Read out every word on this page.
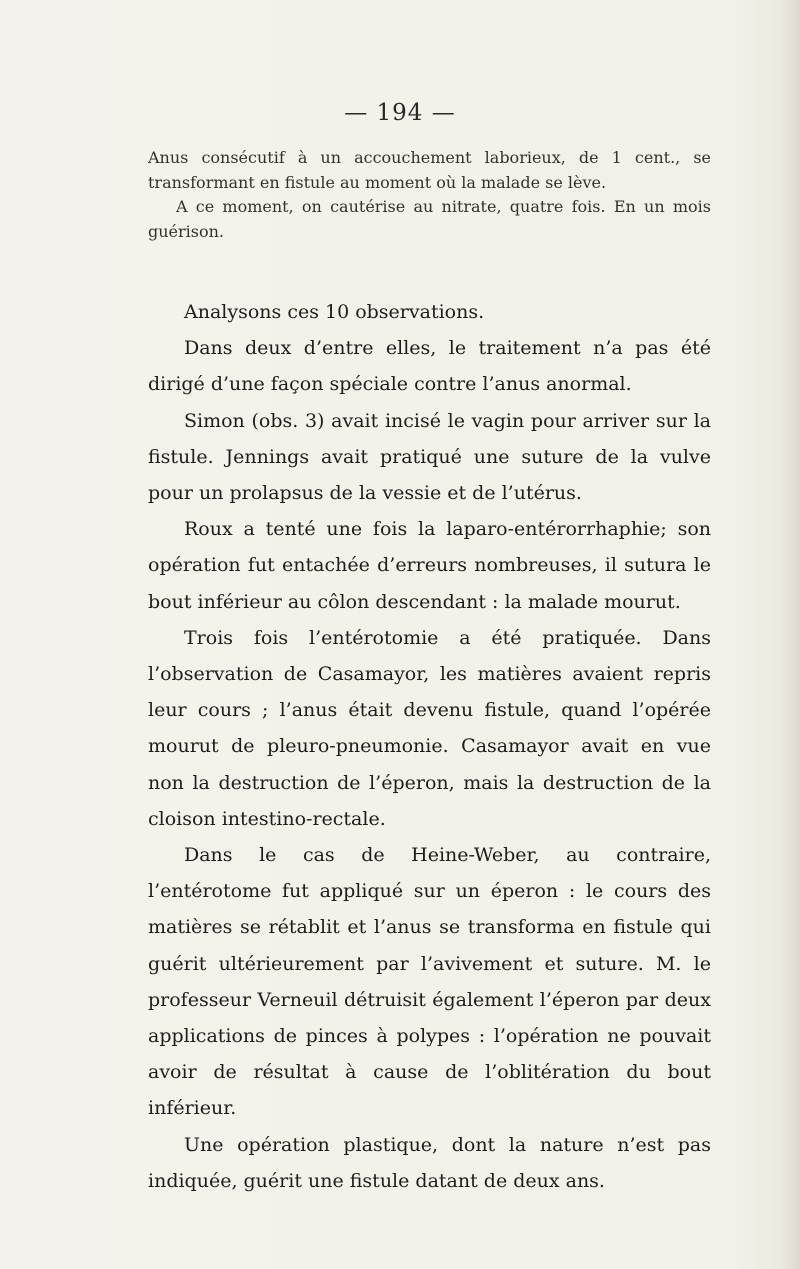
— 194 —

Anus consécutif à un accouchement laborieux, de 1 cent., se transformant en fistule au moment où la malade se lève.

A ce moment, on cautérise au nitrate, quatre fois. En un mois guérison.

Analysons ces 10 observations.

Dans deux d’entre elles, le traitement n’a pas été dirigé d’une façon spéciale contre l’anus anormal.

Simon (obs. 3) avait incisé le vagin pour arriver sur la fistule. Jennings avait pratiqué une suture de la vulve pour un prolapsus de la vessie et de l’utérus.

Roux a tenté une fois la laparo-entérorrhaphie; son opération fut entachée d’erreurs nombreuses, il sutura le bout inférieur au côlon descendant : la malade mourut.

Trois fois l’entérotomie a été pratiquée. Dans l’observation de Casamayor, les matières avaient repris leur cours ; l’anus était devenu fistule, quand l’opérée mourut de pleuro-pneumonie. Casamayor avait en vue non la destruction de l’éperon, mais la destruction de la cloison intestino-rectale.

Dans le cas de Heine-Weber, au contraire, l’entérotome fut appliqué sur un éperon : le cours des matières se rétablit et l’anus se transforma en fistule qui guérit ultérieurement par l’avivement et suture. M. le professeur Verneuil détruisit également l’éperon par deux applications de pinces à polypes : l’opération ne pouvait avoir de résultat à cause de l’oblitération du bout inférieur.

Une opération plastique, dont la nature n’est pas indiquée, guérit une fistule datant de deux ans.
